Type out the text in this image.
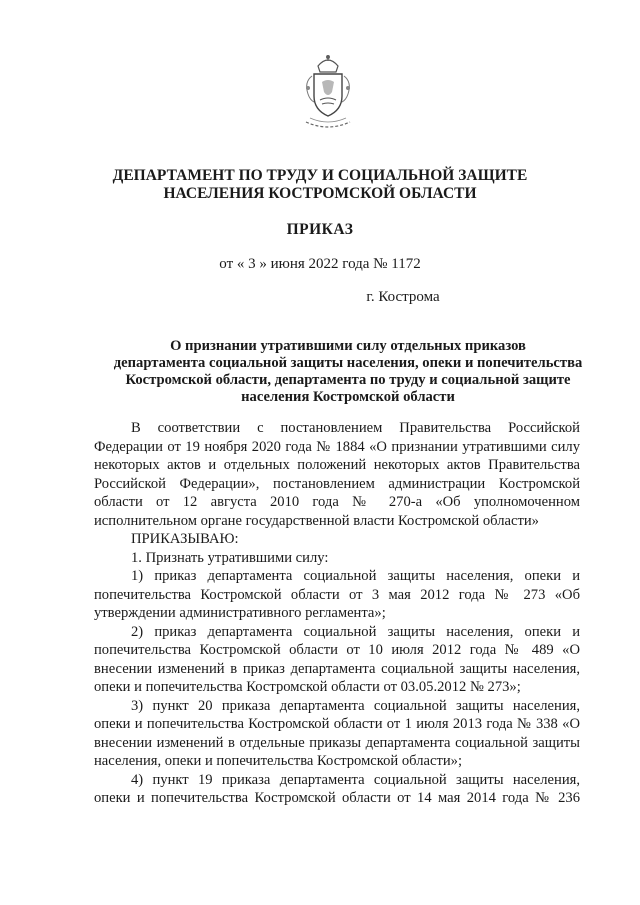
ДЕПАРТАМЕНТ ПО ТРУДУ И СОЦИАЛЬНОЙ ЗАЩИТЕ
НАСЕЛЕНИЯ КОСТРОМСКОЙ ОБЛАСТИ
ПРИКАЗ
от « 3 » июня 2022 года № 1172
г. Кострома
О признании утратившими силу отдельных приказов
департамента социальной защиты населения, опеки и попечительства
Костромской области, департамента по труду и социальной защите
населения Костромской области

В соответствии с постановлением Правительства Российской Федерации от 19 ноября 2020 года № 1884 «О признании утратившими силу некоторых актов и отдельных положений некоторых актов Правительства Российской Федерации», постановлением администрации Костромской области от 12 августа 2010 года № 270-а «Об уполномоченном исполнительном органе государственной власти Костромской области»

ПРИКАЗЫВАЮ:

1. Признать утратившими силу:

1) приказ департамента социальной защиты населения, опеки и попечительства Костромской области от 3 мая 2012 года № 273 «Об утверждении административного регламента»;

2) приказ департамента социальной защиты населения, опеки и попечительства Костромской области от 10 июля 2012 года № 489 «О внесении изменений в приказ департамента социальной защиты населения, опеки и попечительства Костромской области от 03.05.2012 № 273»;

3) пункт 20 приказа департамента социальной защиты населения, опеки и попечительства Костромской области от 1 июля 2013 года № 338 «О внесении изменений в отдельные приказы департамента социальной защиты населения, опеки и попечительства Костромской области»;

4) пункт 19 приказа департамента социальной защиты населения, опеки и попечительства Костромской области от 14 мая 2014 года № 236
